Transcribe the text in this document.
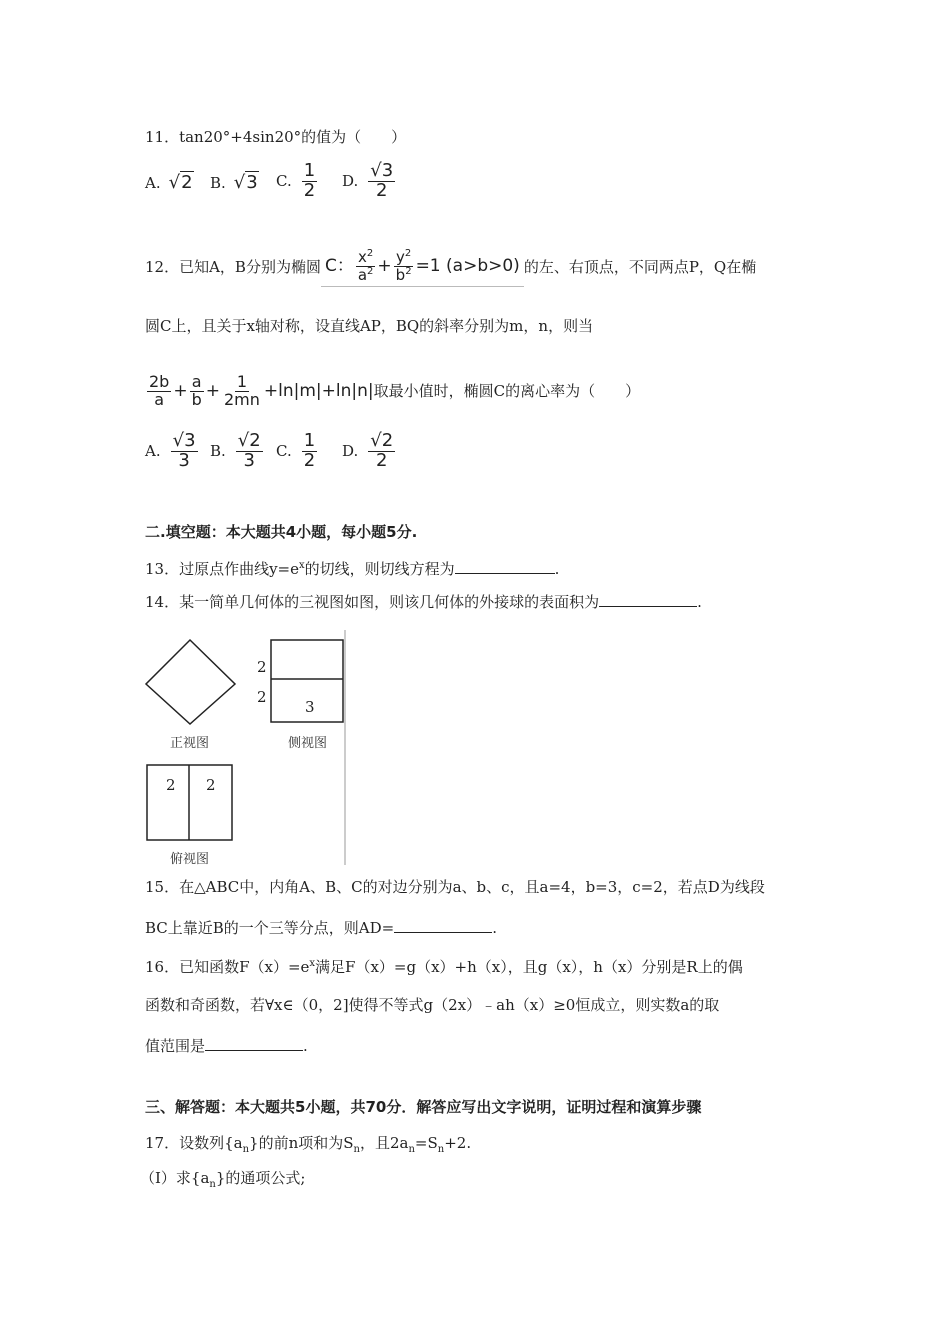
11．tan20°+4sin20°的值为（　　）
A. √2 B. √3 C. $\frac{1}{2} D$. $\frac{√3}{2}$
12．已知A，B分别为椭圆 C： $\frac{x^2}{a^2} + \frac{y^2}{b^2} =1$ (a>b>0) 的左、右顶点，不同两点P，Q在椭
圆C上，且关于x轴对称，设直线AP，BQ的斜率分别为m，n，则当
$\frac{2b}{a} + \frac{a}{b} + \frac{1}{2mn} +\ln|m|+\ln|n|$ 取最小值时，椭圆C的离心率为（　　）
A. $\frac{√3}{3} B$. $\frac{√2}{3} C$. $\frac{1}{2} D$. $\frac{√2}{2}$
二.填空题：本大题共4小题，每小题5分.
13．过原点作曲线$y=e^x$的切线，则切线方程为	.
14．某一简单几何体的三视图如图，则该几何体的外接球的表面积为	.
2
2
3
正视图	侧视图
2 2
俯视图
15．在△ABC中，内角A、B、C的对边分别为a、b、c，且a=4，b=3，c=2，若点D为线段
BC上靠近B的一个三等分点，则AD=	.
16．已知函数$F(x)=e^x$满足F（x）=g（x）+h（x），且g（x），h（x）分别是R上的偶
函数和奇函数，若∀x∈（0，2]使得不等式g（2x）﹣ah（x）≥0恒成立，则实数a的取
值范围是	.
三、解答题：本大题共5小题，共70分．解答应写出文字说明，证明过程和演算步骤
17．设数列$\{a_n\}$的前n项和为$S_n$，且$2a_n=S_n+2$.
（Ⅰ）求$\{a_n\}$的通项公式;
